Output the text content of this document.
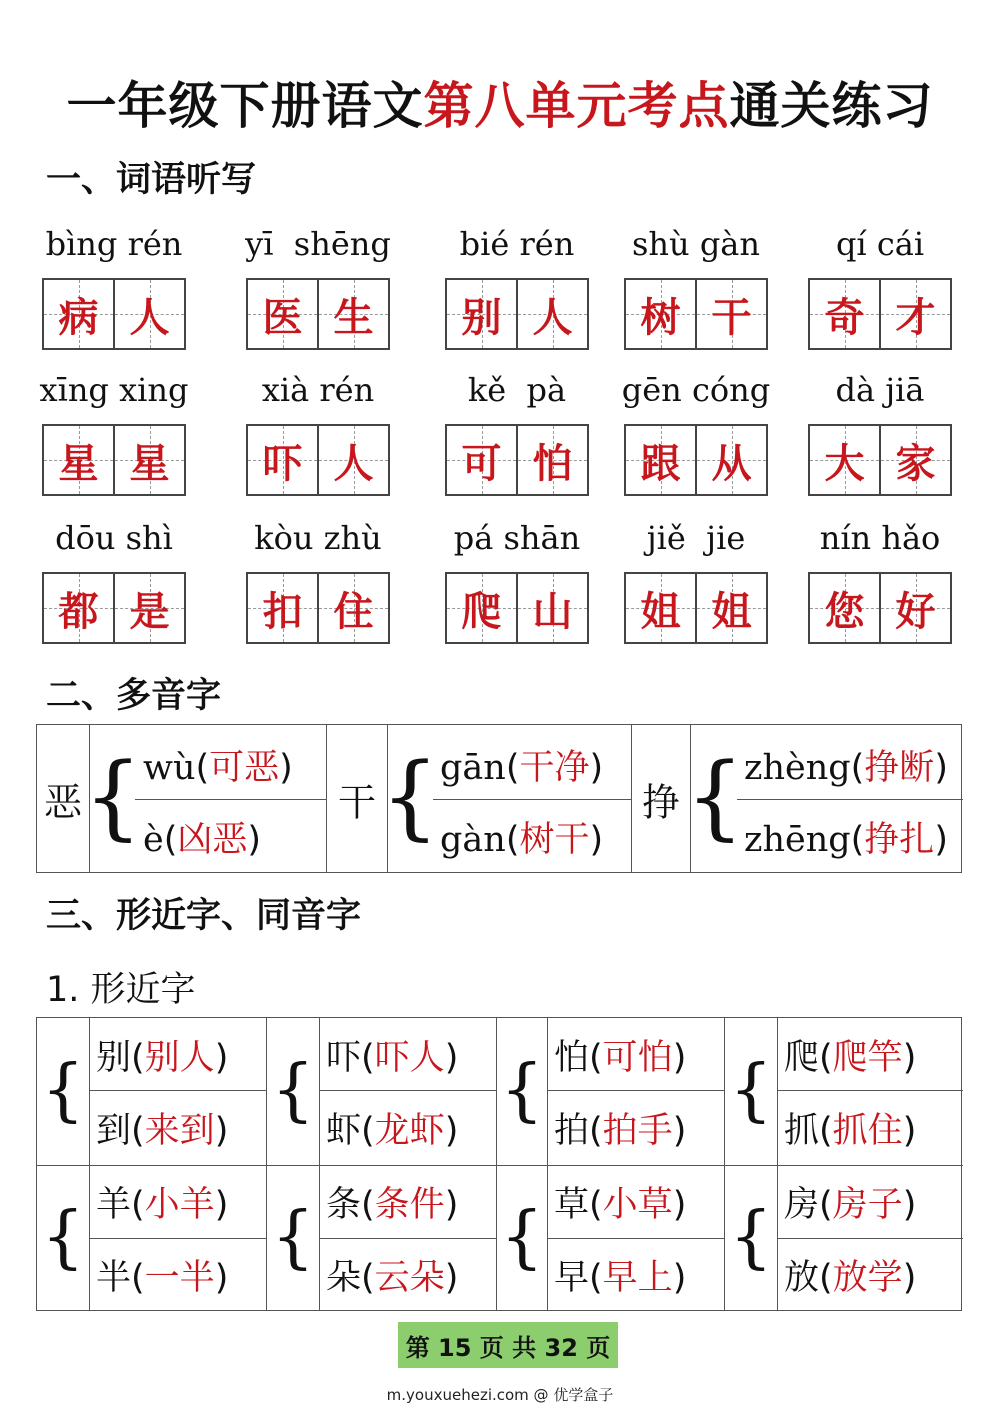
一年级下册语文第八单元考点通关练习
一、词语听写
bìng rén
病 人
yī  shēng
医 生
bié rén
别 人
shù gàn
树 干
qí cái
奇 才
xīng xing
星 星
xià rén
吓 人
kě  pà
可 怕
gēn cóng
跟 从
dà jiā
大 家
dōu shì
都 是
kòu zhù
扣 住
pá shān
爬 山
jiě  jie
姐 姐
nín hǎo
您 好
二、多音字
恶 { wù(可恶)
è(凶恶)
干 { gān(干净)
gàn(树干)
挣 { zhèng(挣断)
zhēng(挣扎)
三、形近字、同音字
1. 形近字
{ 别(别人)
到(来到)
{ 吓(吓人)
虾(龙虾)
{ 怕(可怕)
拍(拍手)
{ 爬(爬竿)
抓(抓住)
{ 羊(小羊)
半(一半)
{ 条(条件)
朵(云朵)
{ 草(小草)
早(早上)
{ 房(房子)
放(放学)
第 15 页 共 32 页
m.youxuehezi.com @ 优学盒子
